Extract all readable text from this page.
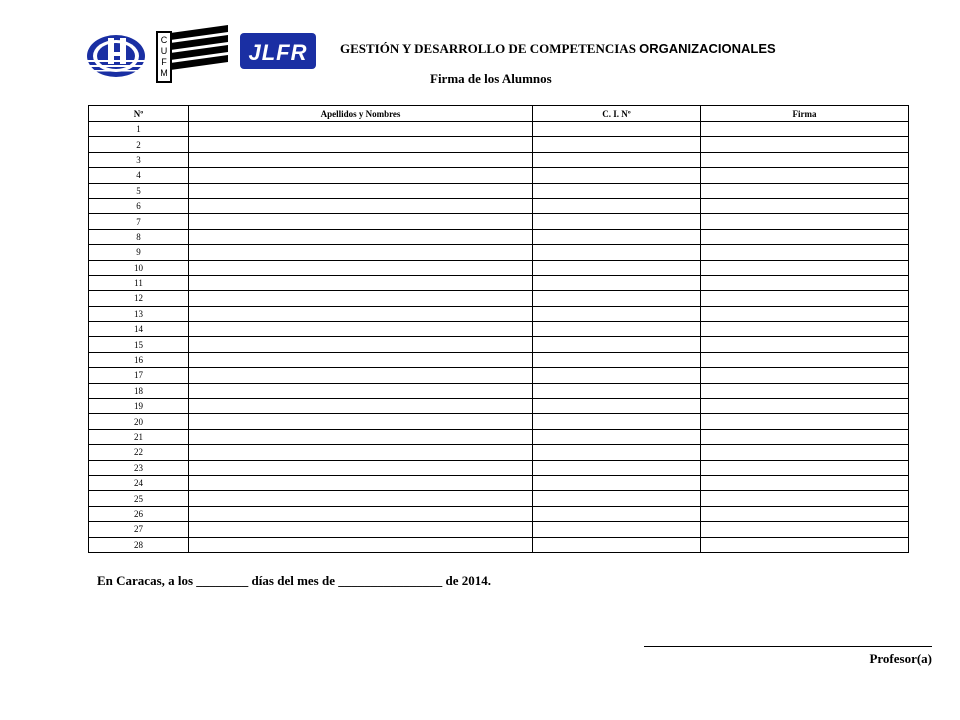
C U F M
JLFR	GESTIÓN Y DESARROLLO DE COMPETENCIAS ORGANIZACIONALES
Firma de los Alumnos
Nº	Apellidos y Nombres	C. I. Nº	Firma
1			
2			
3			
4			
5			
6			
7			
8			
9			
10			
11			
12			
13			
14			
15			
16			
17			
18			
19			
20			
21			
22			
23			
24			
25			
26			
27			
28			
En Caracas, a los ________ días del mes de ________________ de 2014.
Profesor(a)
